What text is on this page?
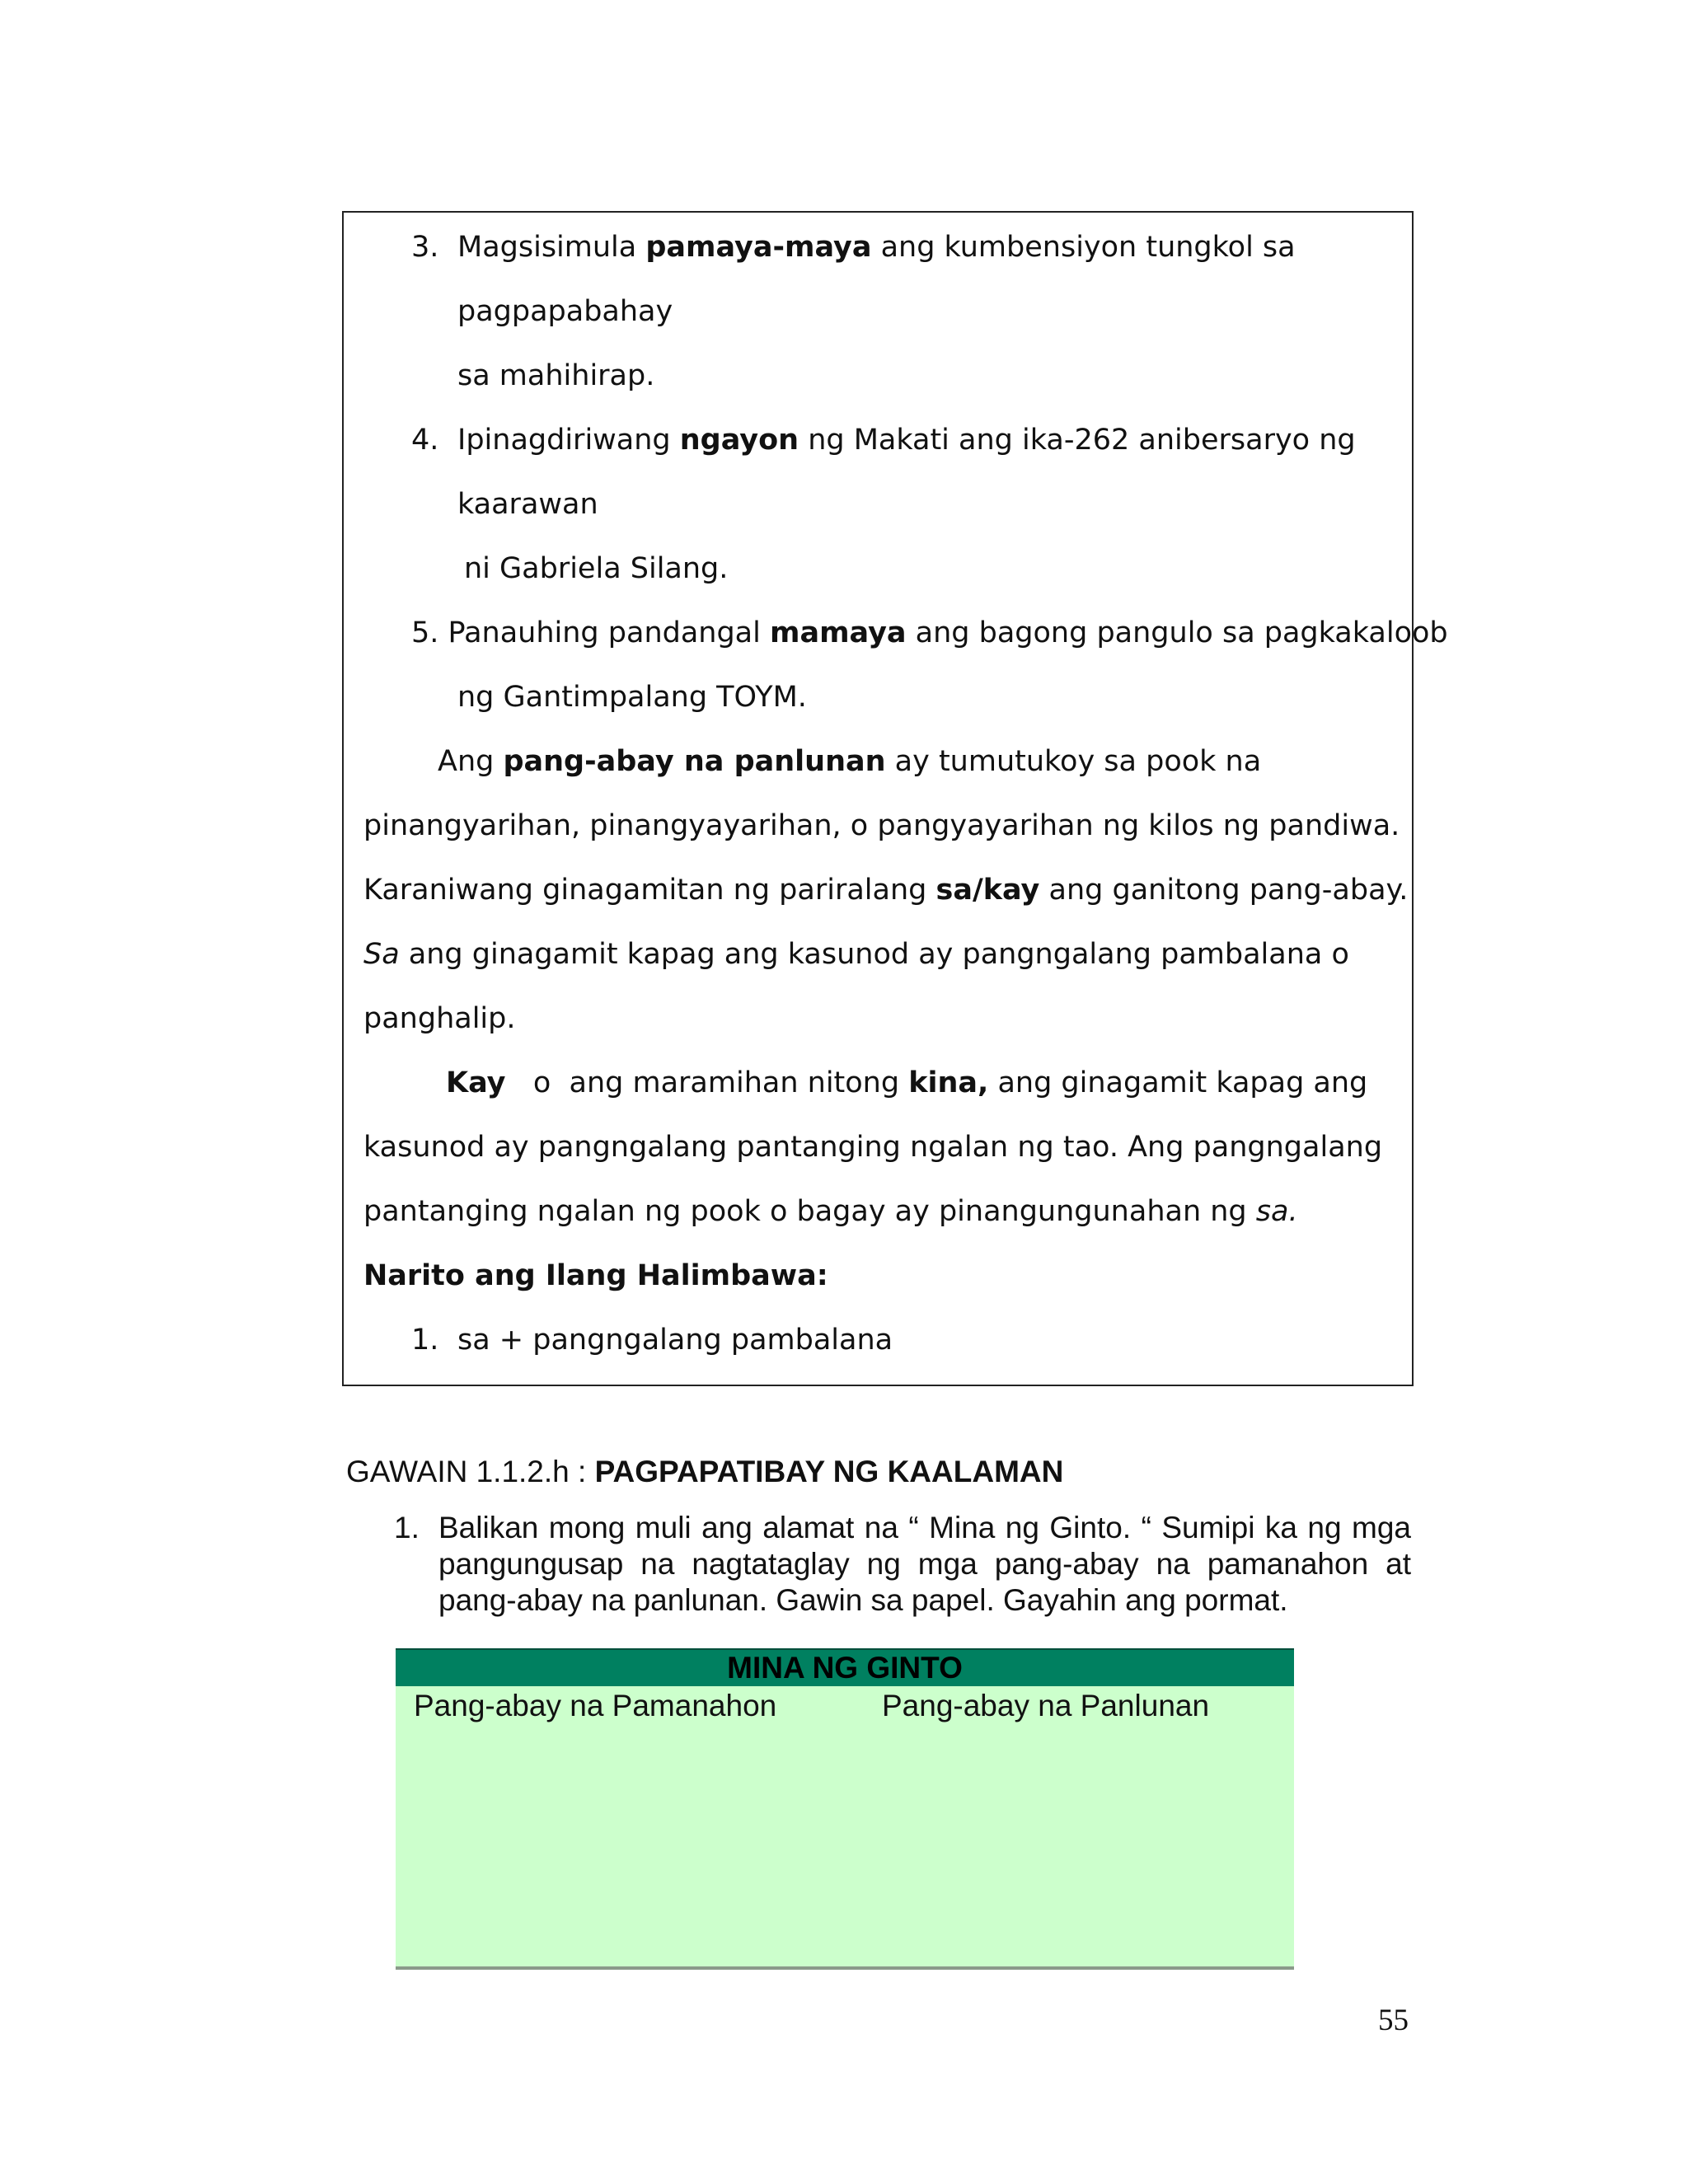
3. Magsisimula pamaya-maya ang kumbensiyon tungkol sa
pagpapabahay
sa mahihirap.
4. Ipinagdiriwang ngayon ng Makati ang ika-262 anibersaryo ng
kaarawan
ni Gabriela Silang.
5. Panauhing pandangal mamaya ang bagong pangulo sa pagkakaloob
ng Gantimpalang TOYM.
Ang pang-abay na panlunan ay tumutukoy sa pook na
pinangyarihan, pinangyayarihan, o pangyayarihan ng kilos ng pandiwa.
Karaniwang ginagamitan ng pariralang sa/kay ang ganitong pang-abay.
Sa ang ginagamit kapag ang kasunod ay pangngalang pambalana o
panghalip.
Kay   o  ang maramihan nitong kina, ang ginagamit kapag ang
kasunod ay pangngalang pantanging ngalan ng tao. Ang pangngalang
pantanging ngalan ng pook o bagay ay pinangungunahan ng sa.
Narito ang Ilang Halimbawa:
1. sa + pangngalang pambalana
GAWAIN 1.1.2.h : PAGPAPATIBAY NG KAALAMAN
1. Balikan mong muli ang alamat na “ Mina ng Ginto. “ Sumipi ka ng mga pangungusap na nagtataglay ng mga pang-abay na pamanahon at pang-abay na panlunan. Gawin sa papel. Gayahin ang pormat.
MINA NG GINTO
Pang-abay na Pamanahon	Pang-abay na Panlunan
55
